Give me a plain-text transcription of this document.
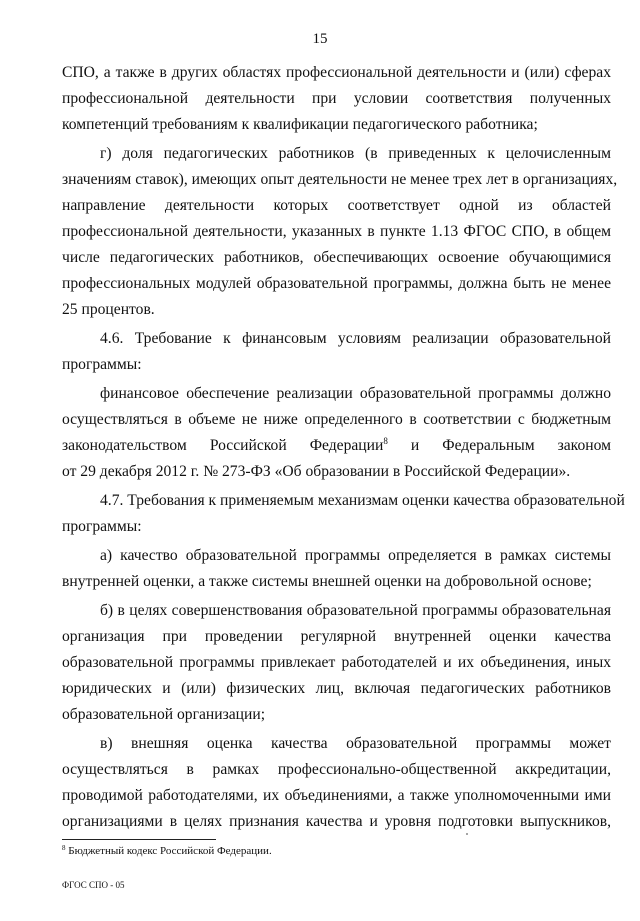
15
СПО, а также в других областях профессиональной деятельности и (или) сферах
профессиональной деятельности при условии соответствия полученных
компетенций требованиям к квалификации педагогического работника;
г) доля педагогических работников (в приведенных к целочисленным
значениям ставок), имеющих опыт деятельности не менее трех лет в организациях,
направление деятельности которых соответствует одной из областей
профессиональной деятельности, указанных в пункте 1.13 ФГОС СПО, в общем
числе педагогических работников, обеспечивающих освоение обучающимися
профессиональных модулей образовательной программы, должна быть не менее
25 процентов.
4.6. Требование к финансовым условиям реализации образовательной
программы:
финансовое обеспечение реализации образовательной программы должно
осуществляться в объеме не ниже определенного в соответствии с бюджетным
законодательством Российской Федерации$^8$ и Федеральным законом
от 29 декабря 2012 г. № 273-ФЗ «Об образовании в Российской Федерации».
4.7. Требования к применяемым механизмам оценки качества образовательной
программы:
а) качество образовательной программы определяется в рамках системы
внутренней оценки, а также системы внешней оценки на добровольной основе;
б) в целях совершенствования образовательной программы образовательная
организация при проведении регулярной внутренней оценки качества
образовательной программы привлекает работодателей и их объединения, иных
юридических и (или) физических лиц, включая педагогических работников
образовательной организации;
в) внешняя оценка качества образовательной программы может
осуществляться в рамках профессионально-общественной аккредитации,
проводимой работодателями, их объединениями, а также уполномоченными ими
организациями в целях признания качества и уровня подготовки выпускников,
$^8$ Бюджетный кодекс Российской Федерации.
ФГОС СПО - 05
